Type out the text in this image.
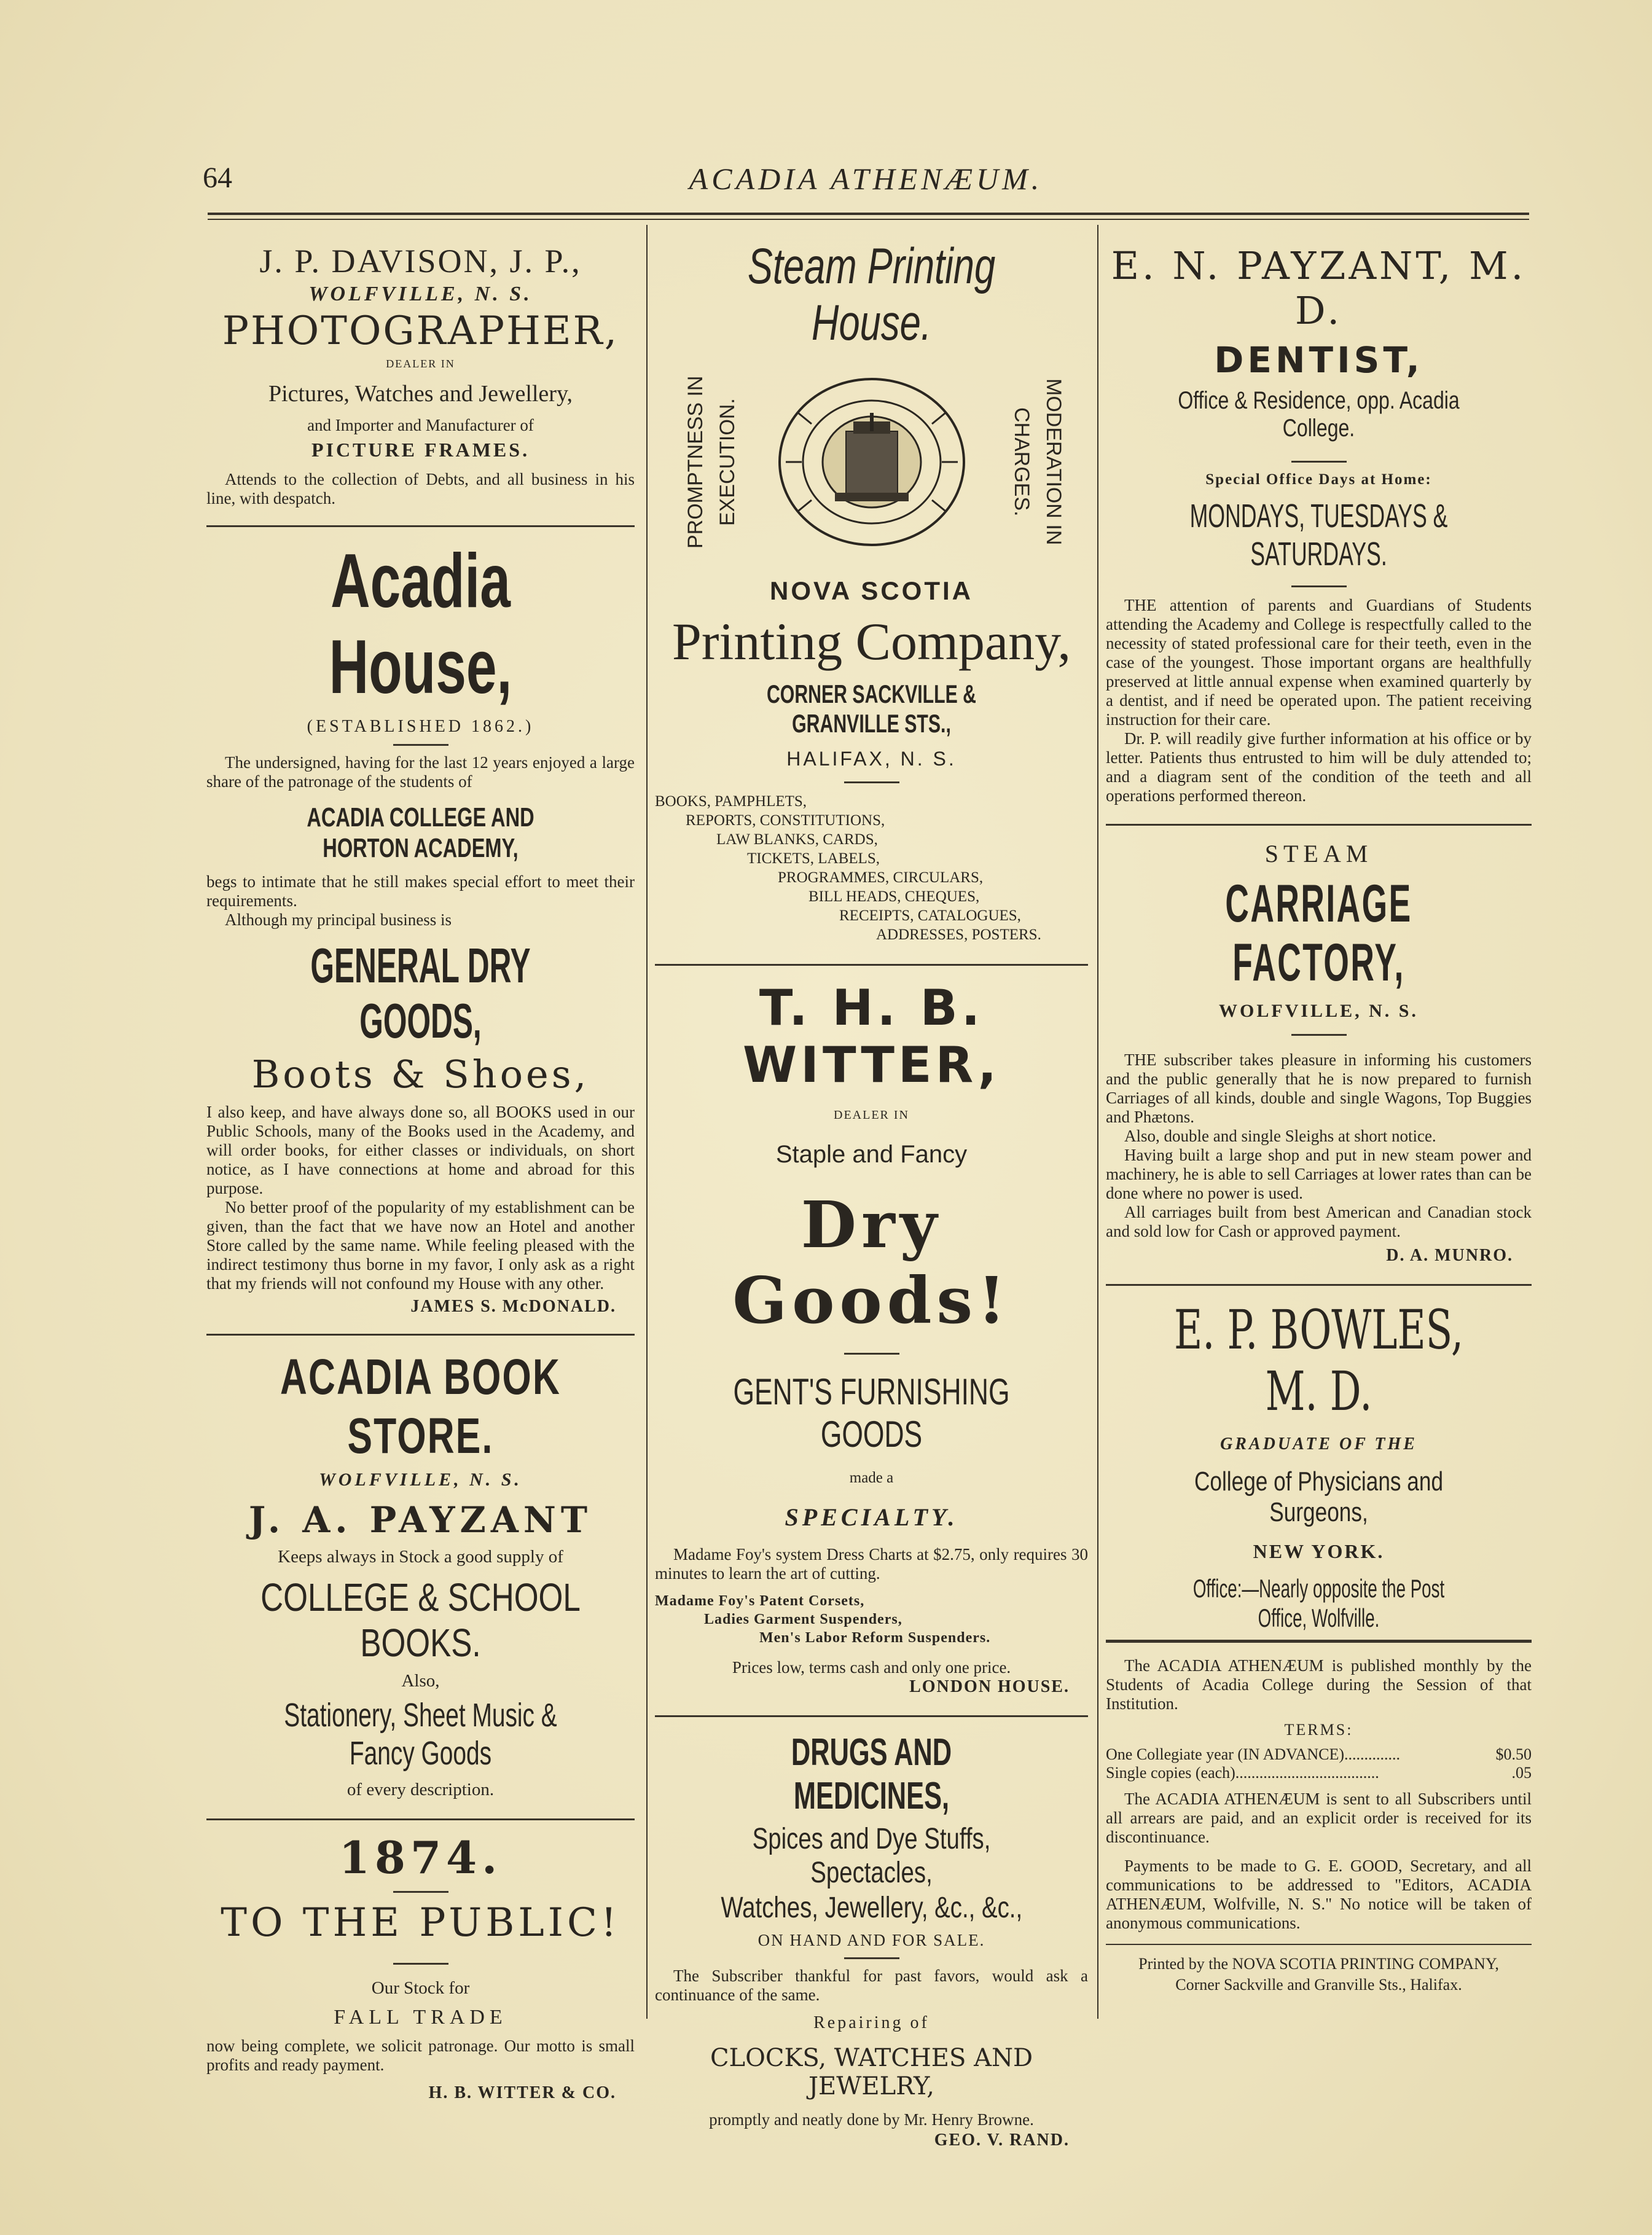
64	ACADIA ATHENÆUM.
J. P. DAVISON, J. P.,
WOLFVILLE, N. S.
PHOTOGRAPHER,
DEALER IN
Pictures, Watches and Jewellery,
and Importer and Manufacturer of
PICTURE FRAMES.

Attends to the collection of Debts, and all business in his line, with despatch.

Acadia House,
(ESTABLISHED 1862.)

The undersigned, having for the last 12 years enjoyed a large share of the patronage of the students of

ACADIA COLLEGE AND HORTON ACADEMY,

begs to intimate that he still makes special effort to meet their requirements.

Although my principal business is

GENERAL DRY GOODS,
Boots & Shoes,

I also keep, and have always done so, all BOOKS used in our Public Schools, many of the Books used in the Academy, and will order books, for either classes or individuals, on short notice, as I have connections at home and abroad for this purpose.

No better proof of the popularity of my establishment can be given, than the fact that we have now an Hotel and another Store called by the same name. While feeling pleased with the indirect testimony thus borne in my favor, I only ask as a right that my friends will not confound my House with any other.

JAMES S. McDONALD.
ACADIA BOOK STORE.
WOLFVILLE, N. S.
J. A. PAYZANT
Keeps always in Stock a good supply of
COLLEGE & SCHOOL BOOKS.
Also,
Stationery, Sheet Music & Fancy Goods
of every description.
1874.
TO THE PUBLIC!
Our Stock for
FALL TRADE

now being complete, we solicit patronage. Our motto is small profits and ready payment.

H. B. WITTER & CO.
Steam Printing House.
PROMPTNESS IN EXECUTION.	MODERATION IN CHARGES.
NOVA SCOTIA
Printing Company,
CORNER SACKVILLE & GRANVILLE STS.,
HALIFAX, N. S.
BOOKS, PAMPHLETS,
REPORTS, CONSTITUTIONS,
LAW BLANKS, CARDS,
TICKETS, LABELS,
PROGRAMMES, CIRCULARS,
BILL HEADS, CHEQUES,
RECEIPTS, CATALOGUES,
ADDRESSES, POSTERS.
T. H. B. WITTER,
DEALER IN
Staple and Fancy
Dry Goods!
GENT'S FURNISHING GOODS
made a
SPECIALTY.

Madame Foy's system Dress Charts at $2.75, only requires 30 minutes to learn the art of cutting.

Madame Foy's Patent Corsets,
Ladies Garment Suspenders,
Men's Labor Reform Suspenders.
Prices low, terms cash and only one price.
LONDON HOUSE.
DRUGS AND MEDICINES,
Spices and Dye Stuffs, Spectacles,
Watches, Jewellery, &c., &c.,
ON HAND AND FOR SALE.

The Subscriber thankful for past favors, would ask a continuance of the same.

Repairing of
CLOCKS, WATCHES AND JEWELRY,
promptly and neatly done by Mr. Henry Browne.
GEO. V. RAND.
E. N. PAYZANT, M. D.
DENTIST,
Office & Residence, opp. Acadia College.
Special Office Days at Home:
MONDAYS, TUESDAYS & SATURDAYS.

THE attention of parents and Guardians of Students attending the Academy and College is respectfully called to the necessity of stated professional care for their teeth, even in the case of the youngest. Those important organs are healthfully preserved at little annual expense when examined quarterly by a dentist, and if need be operated upon. The patient receiving instruction for their care.

Dr. P. will readily give further information at his office or by letter. Patients thus entrusted to him will be duly attended to; and a diagram sent of the condition of the teeth and all operations performed thereon.

STEAM
CARRIAGE FACTORY,
WOLFVILLE, N. S.

THE subscriber takes pleasure in informing his customers and the public generally that he is now prepared to furnish Carriages of all kinds, double and single Wagons, Top Buggies and Phætons.

Also, double and single Sleighs at short notice.

Having built a large shop and put in new steam power and machinery, he is able to sell Carriages at lower rates than can be done where no power is used.

All carriages built from best American and Canadian stock and sold low for Cash or approved payment.

D. A. MUNRO.
E. P. BOWLES, M. D.
GRADUATE OF THE
College of Physicians and Surgeons,
NEW YORK.
Office:—Nearly opposite the Post Office, Wolfville.

The ACADIA ATHENÆUM is published monthly by the Students of Acadia College during the Session of that Institution.

TERMS:
One Collegiate year (IN ADVANCE)..............	$0.50
Single copies (each)....................................	.05

The ACADIA ATHENÆUM is sent to all Subscribers until all arrears are paid, and an explicit order is received for its discontinuance.

Payments to be made to G. E. GOOD, Secretary, and all communications to be addressed to "Editors, ACADIA ATHENÆUM, Wolfville, N. S." No notice will be taken of anonymous communications.

Printed by the NOVA SCOTIA PRINTING COMPANY,
Corner Sackville and Granville Sts., Halifax.
